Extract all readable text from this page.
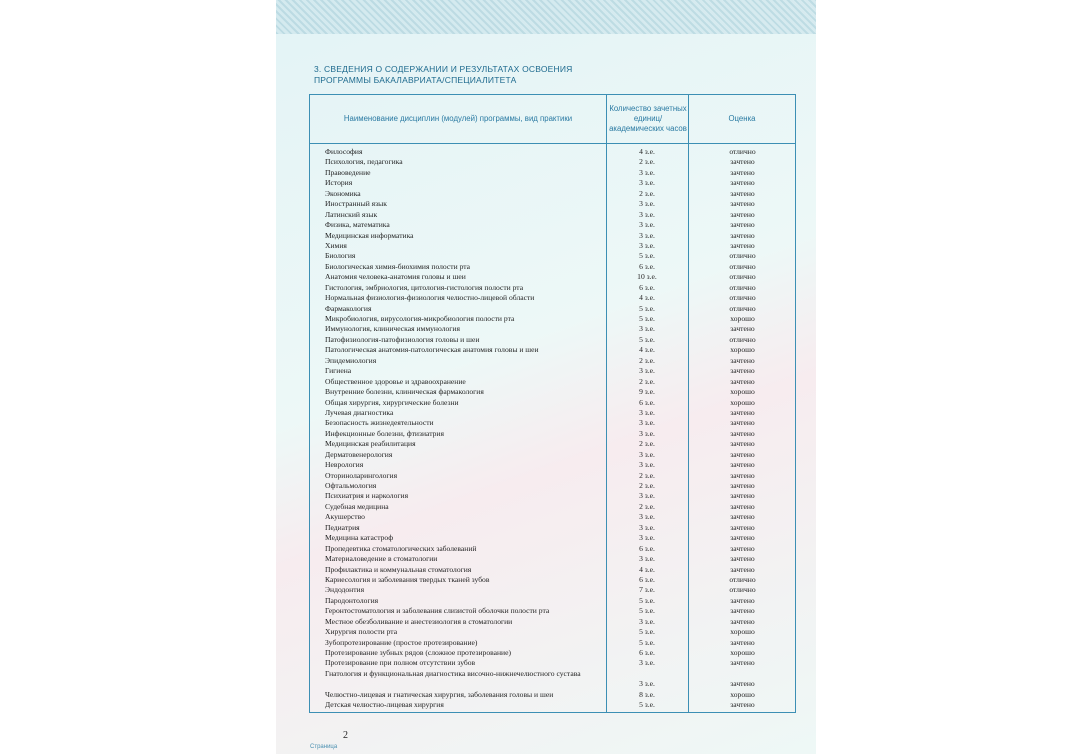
3. СВЕДЕНИЯ О СОДЕРЖАНИИ И РЕЗУЛЬТАТАХ ОСВОЕНИЯ
ПРОГРАММЫ БАКАЛАВРИАТА/СПЕЦИАЛИТЕТА
Наименование дисциплин (модулей) программы, вид практики
Количество зачетных единиц/ академических часов
Оценка
Философия	4 з.е.	отлично
Психология, педагогика	2 з.е.	зачтено
Правоведение	3 з.е.	зачтено
История	3 з.е.	зачтено
Экономика	2 з.е.	зачтено
Иностранный язык	3 з.е.	зачтено
Латинский язык	3 з.е.	зачтено
Физика, математика	3 з.е.	зачтено
Медицинская информатика	3 з.е.	зачтено
Химия	3 з.е.	зачтено
Биология	5 з.е.	отлично
Биологическая химия-биохимия полости рта	6 з.е.	отлично
Анатомия человека-анатомия головы и шеи	10 з.е.	отлично
Гистология, эмбриология, цитология-гистология полости рта	6 з.е.	отлично
Нормальная физиология-физиология челюстно-лицевой области	4 з.е.	отлично
Фармакология	5 з.е.	отлично
Микробиология, вирусология-микробиология полости рта	5 з.е.	хорошо
Иммунология, клиническая иммунология	3 з.е.	зачтено
Патофизиология-патофизиология головы и шеи	5 з.е.	отлично
Патологическая анатомия-патологическая анатомия головы и шеи	4 з.е.	хорошо
Эпидемиология	2 з.е.	зачтено
Гигиена	3 з.е.	зачтено
Общественное здоровье и здравоохранение	2 з.е.	зачтено
Внутренние болезни, клиническая фармакология	9 з.е.	хорошо
Общая хирургия, хирургические болезни	6 з.е.	хорошо
Лучевая диагностика	3 з.е.	зачтено
Безопасность жизнедеятельности	3 з.е.	зачтено
Инфекционные болезни, фтизиатрия	3 з.е.	зачтено
Медицинская реабилитация	2 з.е.	зачтено
Дерматовенерология	3 з.е.	зачтено
Неврология	3 з.е.	зачтено
Оториноларингология	2 з.е.	зачтено
Офтальмология	2 з.е.	зачтено
Психиатрия и наркология	3 з.е.	зачтено
Судебная медицина	2 з.е.	зачтено
Акушерство	3 з.е.	зачтено
Педиатрия	3 з.е.	зачтено
Медицина катастроф	3 з.е.	зачтено
Пропедевтика стоматологических заболеваний	6 з.е.	зачтено
Материаловедение в стоматологии	3 з.е.	зачтено
Профилактика и коммунальная стоматология	4 з.е.	зачтено
Кариесология и заболевания твердых тканей зубов	6 з.е.	отлично
Эндодонтия	7 з.е.	отлично
Пародонтология	5 з.е.	зачтено
Геронтостоматология и заболевания слизистой оболочки полости рта	5 з.е.	зачтено
Местное обезболивание и анестезиология в стоматологии	3 з.е.	зачтено
Хирургия полости рта	5 з.е.	хорошо
Зубопротезирование (простое протезирование)	5 з.е.	зачтено
Протезирование зубных рядов (сложное протезирование)	6 з.е.	хорошо
Протезирование при полном отсутствии зубов	3 з.е.	зачтено
Гнатология и функциональная диагностика височно-нижнечелюстного сустава
3 з.е.	зачтено
Челюстно-лицевая и гнатическая хирургия, заболевания головы и шеи	8 з.е.	хорошо
Детская челюстно-лицевая хирургия	5 з.е.	зачтено
2
Страница
